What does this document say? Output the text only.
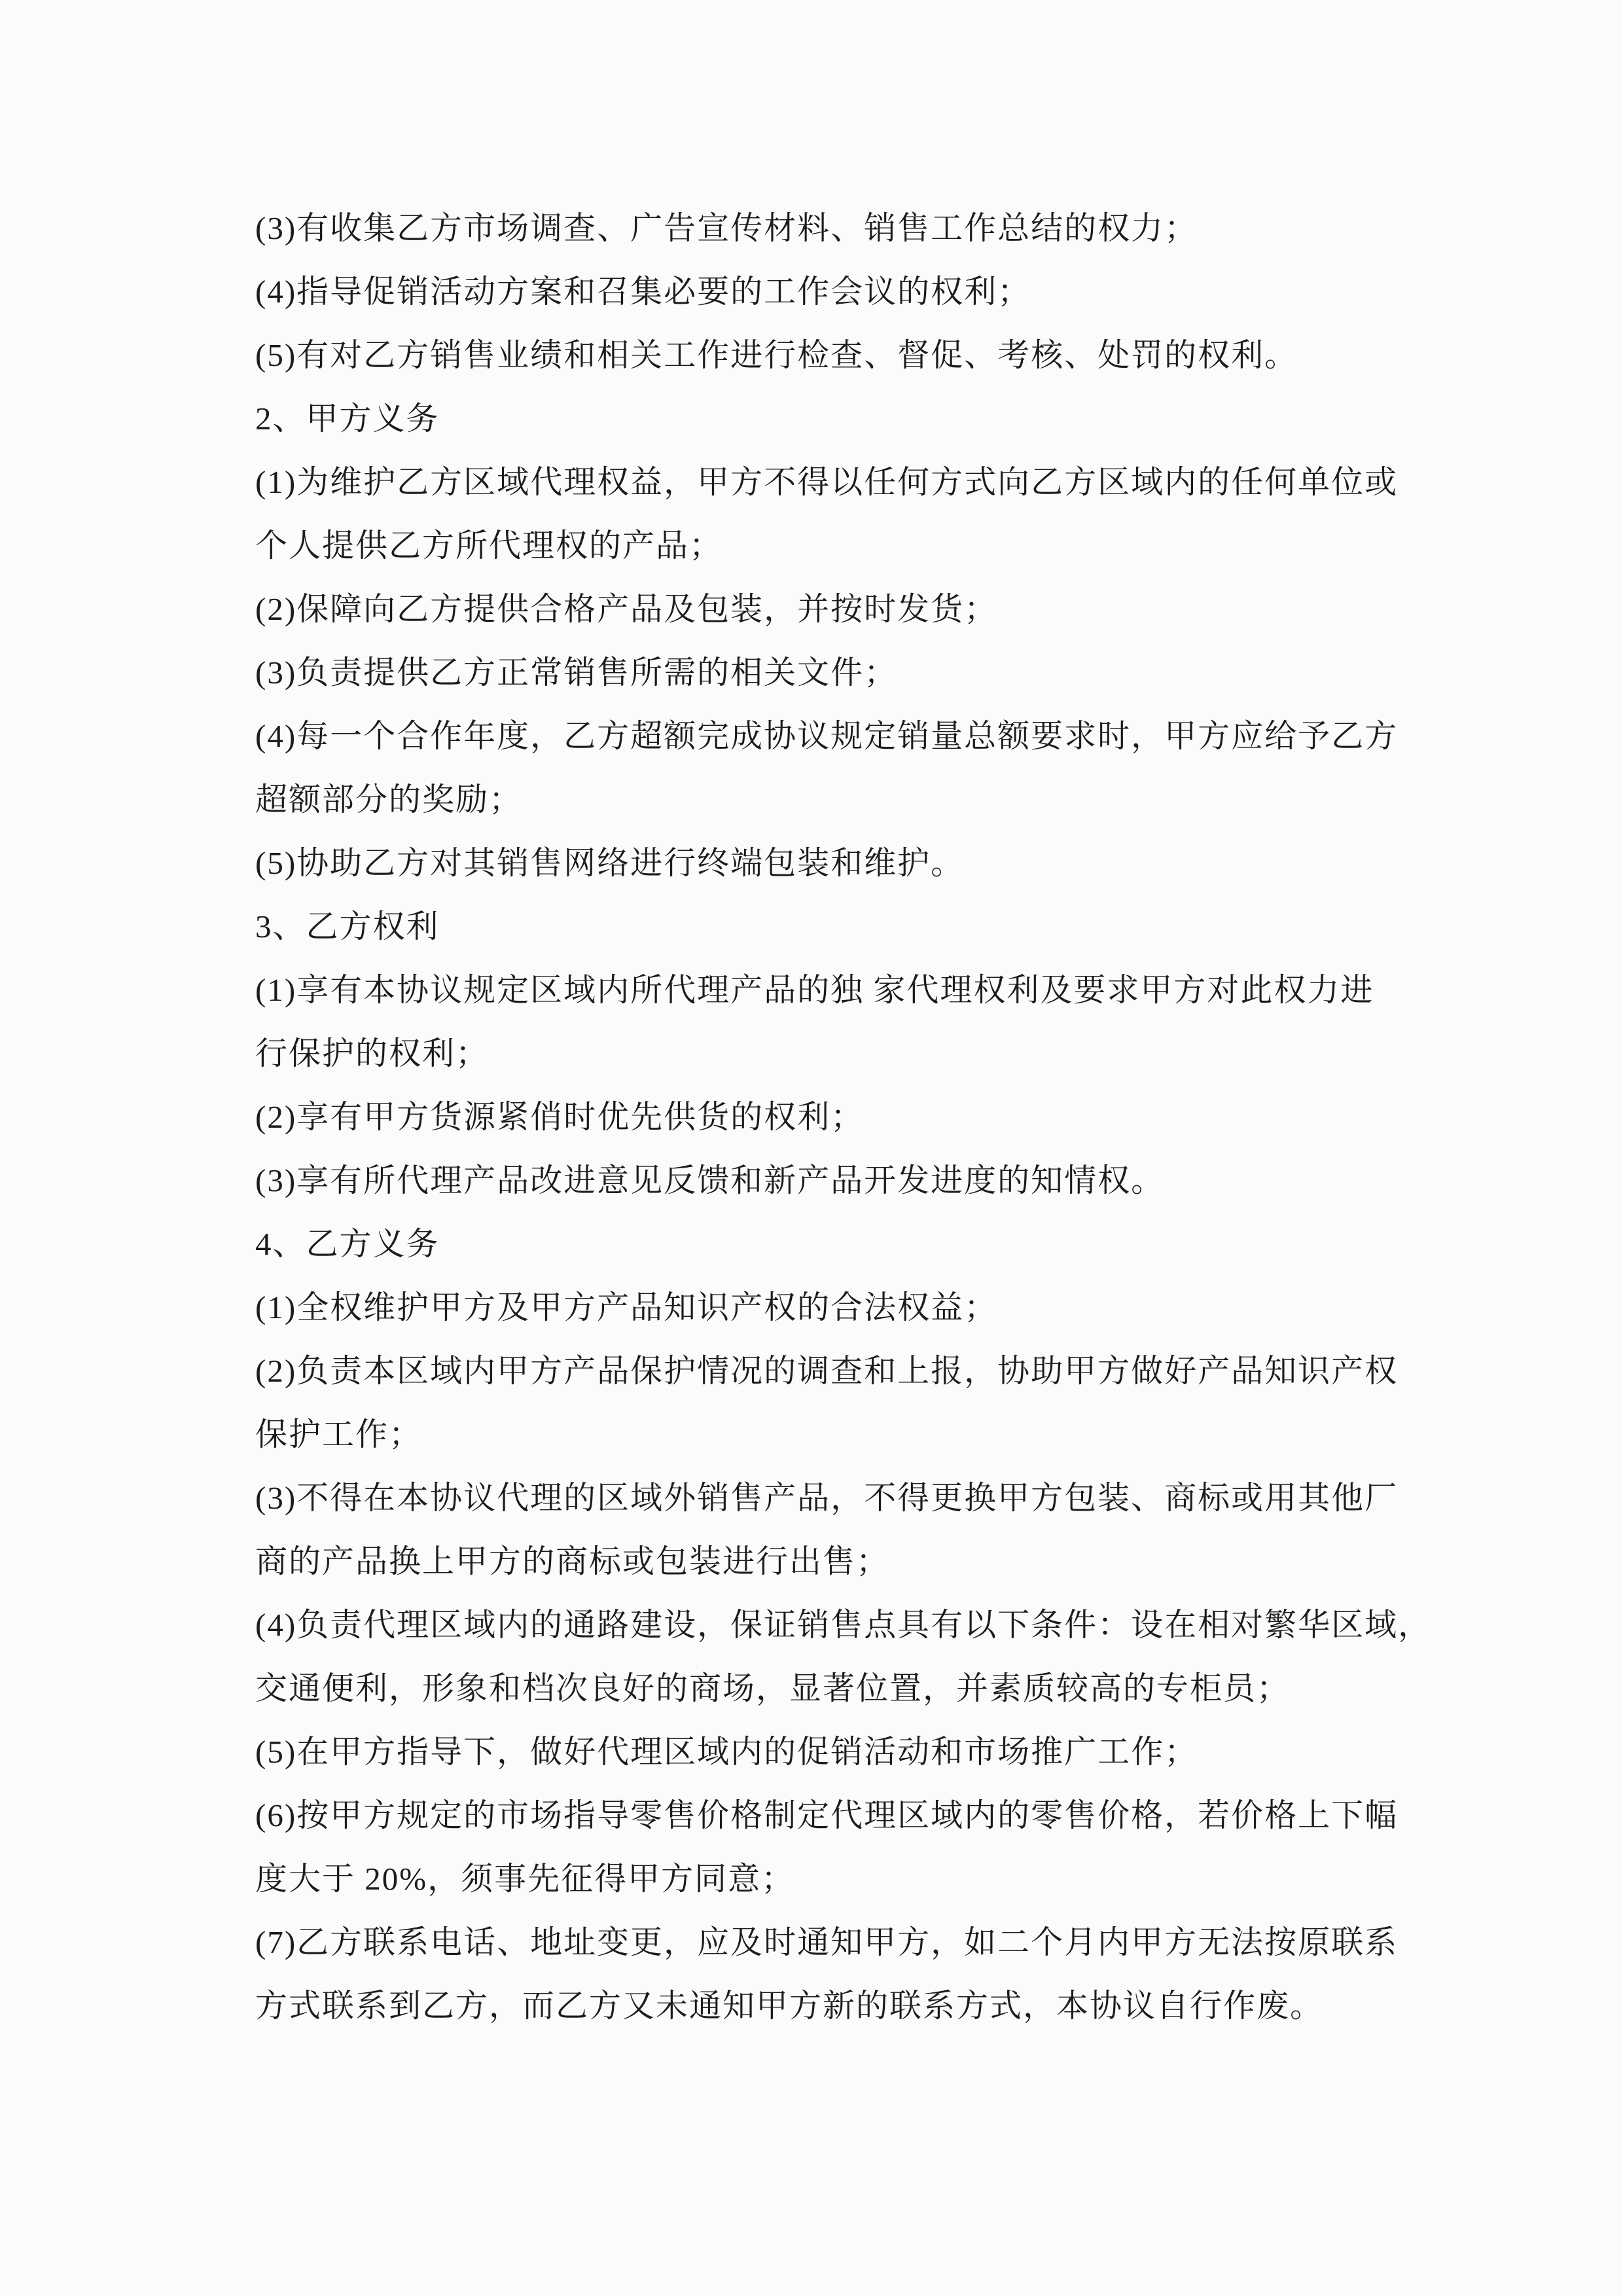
(3)有收集乙方市场调查、广告宣传材料、销售工作总结的权力；
(4)指导促销活动方案和召集必要的工作会议的权利；
(5)有对乙方销售业绩和相关工作进行检查、督促、考核、处罚的权利。
2、甲方义务
(1)为维护乙方区域代理权益，甲方不得以任何方式向乙方区域内的任何单位或
个人提供乙方所代理权的产品；
(2)保障向乙方提供合格产品及包装，并按时发货；
(3)负责提供乙方正常销售所需的相关文件；
(4)每一个合作年度，乙方超额完成协议规定销量总额要求时，甲方应给予乙方
超额部分的奖励；
(5)协助乙方对其销售网络进行终端包装和维护。
3、乙方权利
(1)享有本协议规定区域内所代理产品的独 家代理权利及要求甲方对此权力进
行保护的权利；
(2)享有甲方货源紧俏时优先供货的权利；
(3)享有所代理产品改进意见反馈和新产品开发进度的知情权。
4、乙方义务
(1)全权维护甲方及甲方产品知识产权的合法权益；
(2)负责本区域内甲方产品保护情况的调查和上报，协助甲方做好产品知识产权
保护工作；
(3)不得在本协议代理的区域外销售产品，不得更换甲方包装、商标或用其他厂
商的产品换上甲方的商标或包装进行出售；
(4)负责代理区域内的通路建设，保证销售点具有以下条件：设在相对繁华区域，
交通便利，形象和档次良好的商场，显著位置，并素质较高的专柜员；
(5)在甲方指导下，做好代理区域内的促销活动和市场推广工作；
(6)按甲方规定的市场指导零售价格制定代理区域内的零售价格，若价格上下幅
度大于 20%，须事先征得甲方同意；
(7)乙方联系电话、地址变更，应及时通知甲方，如二个月内甲方无法按原联系
方式联系到乙方，而乙方又未通知甲方新的联系方式，本协议自行作废。
